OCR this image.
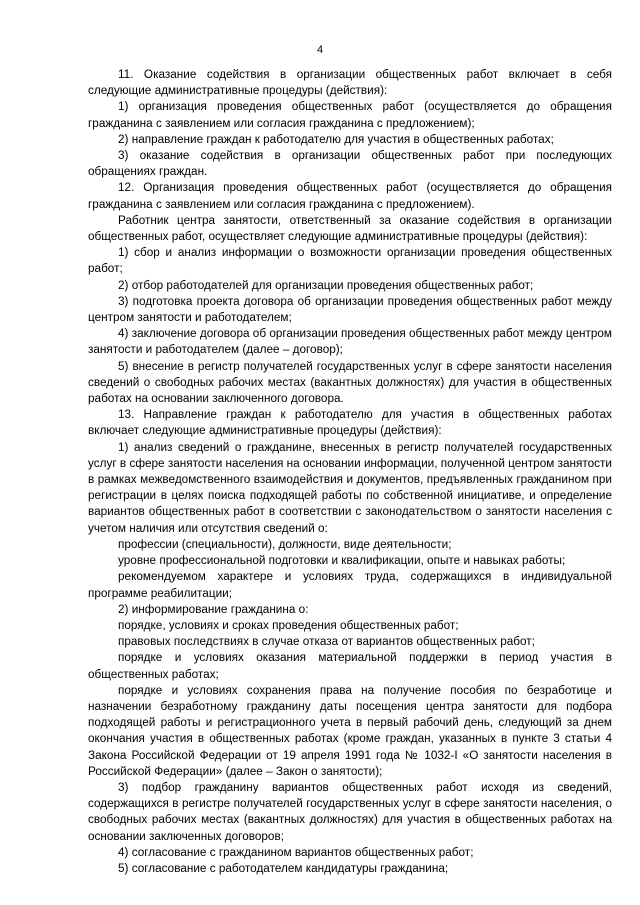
4

11. Оказание содействия в организации общественных работ включает в себя следующие административные процедуры (действия):

1) организация проведения общественных работ (осуществляется до обращения гражданина с заявлением или согласия гражданина с предложением);

2) направление граждан к работодателю для участия в общественных работах;

3) оказание содействия в организации общественных работ при последующих обращениях граждан.

12. Организация проведения общественных работ (осуществляется до обращения гражданина с заявлением или согласия гражданина с предложением).

Работник центра занятости, ответственный за оказание содействия в организации общественных работ, осуществляет следующие административные процедуры (действия):

1) сбор и анализ информации о возможности организации проведения общественных работ;

2) отбор работодателей для организации проведения общественных работ;

3) подготовка проекта договора об организации проведения общественных работ между центром занятости и работодателем;

4) заключение договора об организации проведения общественных работ между центром занятости и работодателем (далее – договор);

5) внесение в регистр получателей государственных услуг в сфере занятости населения сведений о свободных рабочих местах (вакантных должностях) для участия в общественных работах на основании заключенного договора.

13. Направление граждан к работодателю для участия в общественных работах включает следующие административные процедуры (действия):

1) анализ сведений о гражданине, внесенных в регистр получателей государственных услуг в сфере занятости населения на основании информации, полученной центром занятости в рамках межведомственного взаимодействия и документов, предъявленных гражданином при регистрации в целях поиска подходящей работы по собственной инициативе, и определение вариантов общественных работ в соответствии с законодательством о занятости населения с учетом наличия или отсутствия сведений о:

профессии (специальности), должности, виде деятельности;

уровне профессиональной подготовки и квалификации, опыте и навыках работы;

рекомендуемом характере и условиях труда, содержащихся в индивидуальной программе реабилитации;

2) информирование гражданина о:

порядке, условиях и сроках проведения общественных работ;

правовых последствиях в случае отказа от вариантов общественных работ;

порядке и условиях оказания материальной поддержки в период участия в общественных работах;

порядке и условиях сохранения права на получение пособия по безработице и назначении безработному гражданину даты посещения центра занятости для подбора подходящей работы и регистрационного учета в первый рабочий день, следующий за днем окончания участия в общественных работах (кроме граждан, указанных в пункте 3 статьи 4 Закона Российской Федерации от 19 апреля 1991 года № 1032-I «О занятости населения в Российской Федерации» (далее – Закон о занятости);

3) подбор гражданину вариантов общественных работ исходя из сведений, содержащихся в регистре получателей государственных услуг в сфере занятости населения, о свободных рабочих местах (вакантных должностях) для участия в общественных работах на основании заключенных договоров;

4) согласование с гражданином вариантов общественных работ;

5) согласование с работодателем кандидатуры гражданина;
